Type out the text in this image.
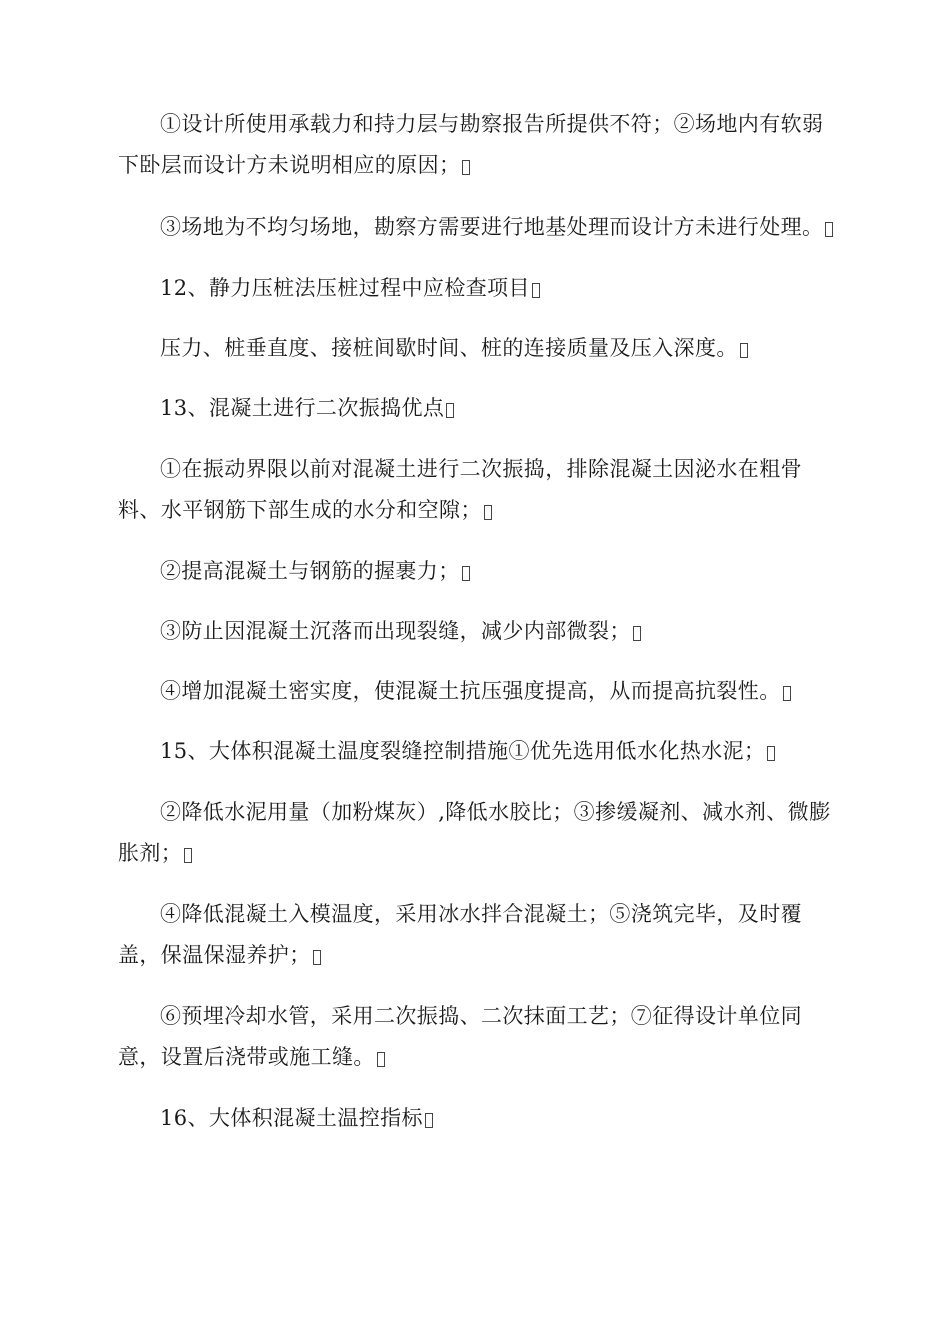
①设计所使用承载力和持力层与勘察报告所提供不符；②场地内有软弱下卧层而设计方未说明相应的原因；

③场地为不均匀场地，勘察方需要进行地基处理而设计方未进行处理。

12、静力压桩法压桩过程中应检查项目

压力、桩垂直度、接桩间歇时间、桩的连接质量及压入深度。

13、混凝土进行二次振捣优点

①在振动界限以前对混凝土进行二次振捣，排除混凝土因泌水在粗骨料、水平钢筋下部生成的水分和空隙；

②提高混凝土与钢筋的握裹力；

③防止因混凝土沉落而出现裂缝，减少内部微裂；

④增加混凝土密实度，使混凝土抗压强度提高，从而提高抗裂性。

15、大体积混凝土温度裂缝控制措施①优先选用低水化热水泥；

②降低水泥用量（加粉煤灰）,降低水胶比；③掺缓凝剂、减水剂、微膨胀剂；

④降低混凝土入模温度，采用冰水拌合混凝土；⑤浇筑完毕，及时覆盖，保温保湿养护；

⑥预埋冷却水管，采用二次振捣、二次抹面工艺；⑦征得设计单位同意，设置后浇带或施工缝。

16、大体积混凝土温控指标
